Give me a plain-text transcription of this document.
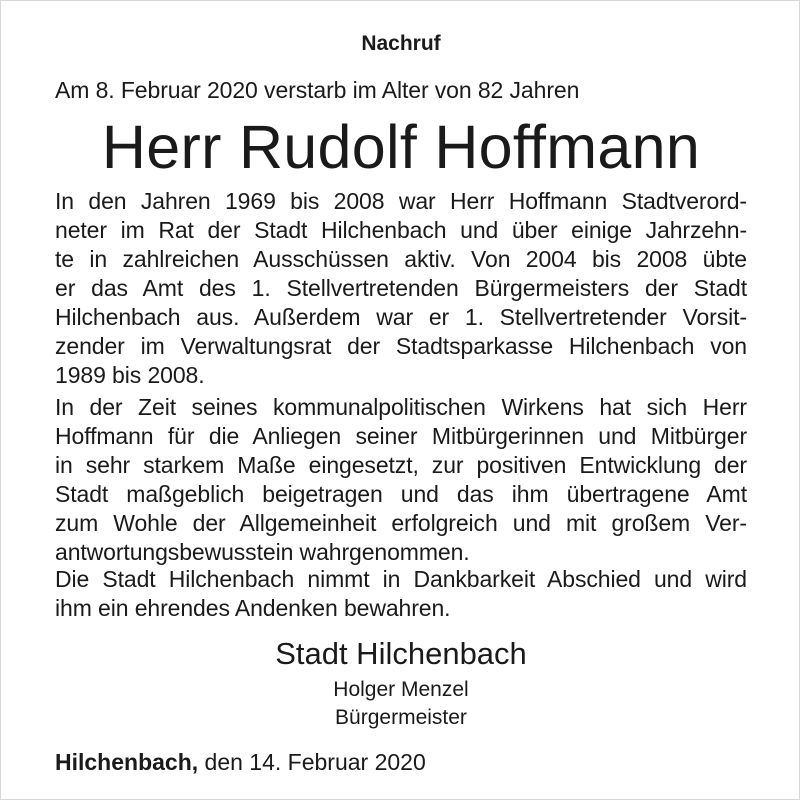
Nachruf
Am 8. Februar 2020 verstarb im Alter von 82 Jahren
Herr Rudolf Hoffmann
In den Jahren 1969 bis 2008 war Herr Hoffmann Stadtverord-
neter im Rat der Stadt Hilchenbach und über einige Jahrzehn-
te in zahlreichen Ausschüssen aktiv. Von 2004 bis 2008 übte
er das Amt des 1. Stellvertretenden Bürgermeisters der Stadt
Hilchenbach aus. Außerdem war er 1. Stellvertretender Vorsit-
zender im Verwaltungsrat der Stadtsparkasse Hilchenbach von
1989 bis 2008.
In der Zeit seines kommunalpolitischen Wirkens hat sich Herr
Hoffmann für die Anliegen seiner Mitbürgerinnen und Mitbürger
in sehr starkem Maße eingesetzt, zur positiven Entwicklung der
Stadt maßgeblich beigetragen und das ihm übertragene Amt
zum Wohle der Allgemeinheit erfolgreich und mit großem Ver-
antwortungsbewusstein wahrgenommen.
Die Stadt Hilchenbach nimmt in Dankbarkeit Abschied und wird
ihm ein ehrendes Andenken bewahren.
Stadt Hilchenbach
Holger Menzel
Bürgermeister
Hilchenbach, den 14. Februar 2020
